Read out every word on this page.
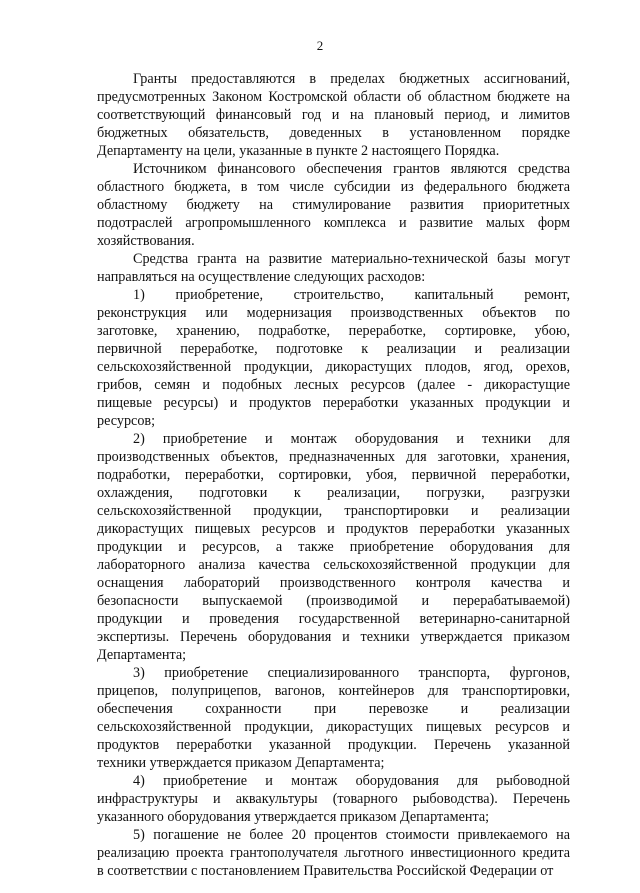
2
Гранты предоставляются в пределах бюджетных ассигнований,
предусмотренных Законом Костромской области об областном бюджете на
соответствующий финансовый год и на плановый период, и лимитов
бюджетных обязательств, доведенных в установленном порядке
Департаменту на цели, указанные в пункте 2 настоящего Порядка.
Источником финансового обеспечения грантов являются средства
областного бюджета, в том числе субсидии из федерального бюджета
областному бюджету на стимулирование развития приоритетных
подотраслей агропромышленного комплекса и развитие малых форм
хозяйствования.
Средства гранта на развитие материально-технической базы могут
направляться на осуществление следующих расходов:
1) приобретение, строительство, капитальный ремонт,
реконструкция или модернизация производственных объектов по
заготовке, хранению, подработке, переработке, сортировке, убою,
первичной переработке, подготовке к реализации и реализации
сельскохозяйственной продукции, дикорастущих плодов, ягод, орехов,
грибов, семян и подобных лесных ресурсов (далее - дикорастущие
пищевые ресурсы) и продуктов переработки указанных продукции и
ресурсов;
2) приобретение и монтаж оборудования и техники для
производственных объектов, предназначенных для заготовки, хранения,
подработки, переработки, сортировки, убоя, первичной переработки,
охлаждения, подготовки к реализации, погрузки, разгрузки
сельскохозяйственной продукции, транспортировки и реализации
дикорастущих пищевых ресурсов и продуктов переработки указанных
продукции и ресурсов, а также приобретение оборудования для
лабораторного анализа качества сельскохозяйственной продукции для
оснащения лабораторий производственного контроля качества и
безопасности выпускаемой (производимой и перерабатываемой)
продукции и проведения государственной ветеринарно-санитарной
экспертизы. Перечень оборудования и техники утверждается приказом
Департамента;
3) приобретение специализированного транспорта, фургонов,
прицепов, полуприцепов, вагонов, контейнеров для транспортировки,
обеспечения сохранности при перевозке и реализации
сельскохозяйственной продукции, дикорастущих пищевых ресурсов и
продуктов переработки указанной продукции. Перечень указанной
техники утверждается приказом Департамента;
4) приобретение и монтаж оборудования для рыбоводной
инфраструктуры и аквакультуры (товарного рыбоводства). Перечень
указанного оборудования утверждается приказом Департамента;
5) погашение не более 20 процентов стоимости привлекаемого на
реализацию проекта грантополучателя льготного инвестиционного кредита
в соответствии с постановлением Правительства Российской Федерации от
